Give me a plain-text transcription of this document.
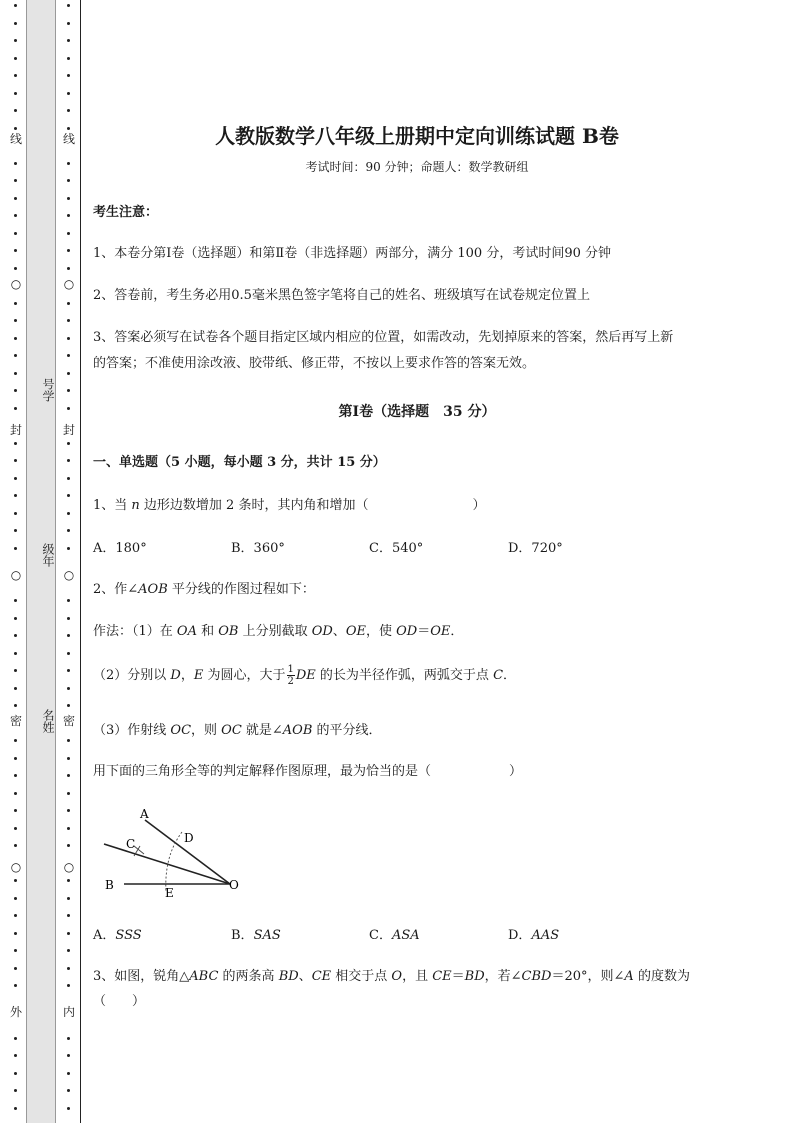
线
○
封
○
密
○
外
号学
级年
名姓
线
○
封
○
密
○
内
人教版数学八年级上册期中定向训练试题 B卷
考试时间：90 分钟；命题人：数学教研组
考生注意：
1、本卷分第Ⅰ卷（选择题）和第Ⅱ卷（非选择题）两部分，满分 100 分，考试时间90 分钟
2、答卷前，考生务必用0.5毫米黑色签字笔将自己的姓名、班级填写在试卷规定位置上
3、答案必须写在试卷各个题目指定区域内相应的位置，如需改动，先划掉原来的答案，然后再写上新
的答案；不准使用涂改液、胶带纸、修正带，不按以上要求作答的答案无效。
第Ⅰ卷（选择题　35 分）
一、单选题（5 小题，每小题 3 分，共计 15 分）
1、当 n 边形边数增加 2 条时，其内角和增加（　　　　　　　　）
A．180°	B．360°	C．540°	D．720°
2、作∠AOB 平分线的作图过程如下：
作法：（1）在 OA 和 OB 上分别截取 OD、OE，使 OD＝OE．
（2）分别以 D，E 为圆心，大于 $\frac{1}{2}$ DE 的长为半径作弧，两弧交于点 C．
（3）作射线 OC，则 OC 就是∠AOB 的平分线．
用下面的三角形全等的判定解释作图原理，最为恰当的是（　　　　　　）
A
D
C
B
E
O
A．SSS	B．SAS	C．ASA	D．AAS
3、如图，锐角△ABC 的两条高 BD、CE 相交于点 O，且 CE＝BD，若∠CBD＝20°，则∠A 的度数为
（　　）
